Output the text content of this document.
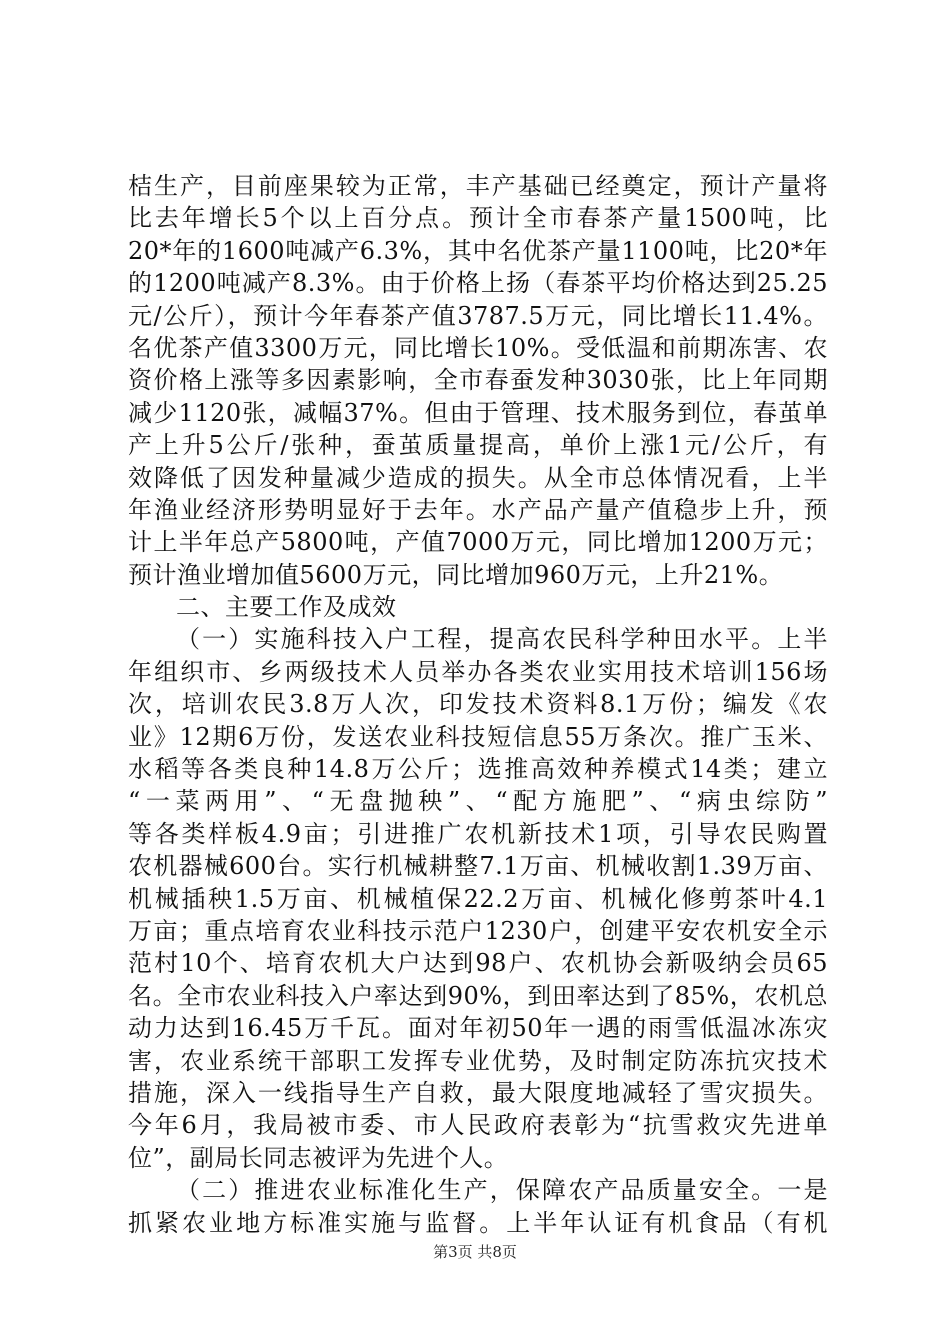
桔生产，目前座果较为正常，丰产基础已经奠定，预计产量将
比去年增长5个以上百分点。预计全市春茶产量1500吨，比
20*年的1600吨减产6.3%，其中名优茶产量1100吨，比20*年
的1200吨减产8.3%。由于价格上扬（春茶平均价格达到25.25
元/公斤），预计今年春茶产值3787.5万元，同比增长11.4%。
名优茶产值3300万元，同比增长10%。受低温和前期冻害、农
资价格上涨等多因素影响，全市春蚕发种3030张，比上年同期
减少1120张，减幅37%。但由于管理、技术服务到位，春茧单
产上升5公斤/张种，蚕茧质量提高，单价上涨1元/公斤，有
效降低了因发种量减少造成的损失。从全市总体情况看，上半
年渔业经济形势明显好于去年。水产品产量产值稳步上升，预
计上半年总产5800吨，产值7000万元，同比增加1200万元；
预计渔业增加值5600万元，同比增加960万元，上升21%。
二、主要工作及成效
（一）实施科技入户工程，提高农民科学种田水平。上半
年组织市、乡两级技术人员举办各类农业实用技术培训156场
次，培训农民3.8万人次，印发技术资料8.1万份；编发《农
业》12期6万份，发送农业科技短信息55万条次。推广玉米、
水稻等各类良种14.8万公斤；选推高效种养模式14类；建立
“一菜两用”、“无盘抛秧”、“配方施肥”、“病虫综防”
等各类样板4.9亩；引进推广农机新技术1项，引导农民购置
农机器械600台。实行机械耕整7.1万亩、机械收割1.39万亩、
机械插秧1.5万亩、机械植保22.2万亩、机械化修剪茶叶4.1
万亩；重点培育农业科技示范户1230户，创建平安农机安全示
范村10个、培育农机大户达到98户、农机协会新吸纳会员65
名。全市农业科技入户率达到90%，到田率达到了85%，农机总
动力达到16.45万千瓦。面对年初50年一遇的雨雪低温冰冻灾
害，农业系统干部职工发挥专业优势，及时制定防冻抗灾技术
措施，深入一线指导生产自救，最大限度地减轻了雪灾损失。
今年6月，我局被市委、市人民政府表彰为“抗雪救灾先进单
位”，副局长同志被评为先进个人。
（二）推进农业标准化生产，保障农产品质量安全。一是
抓紧农业地方标准实施与监督。上半年认证有机食品（有机
第3页 共8页
